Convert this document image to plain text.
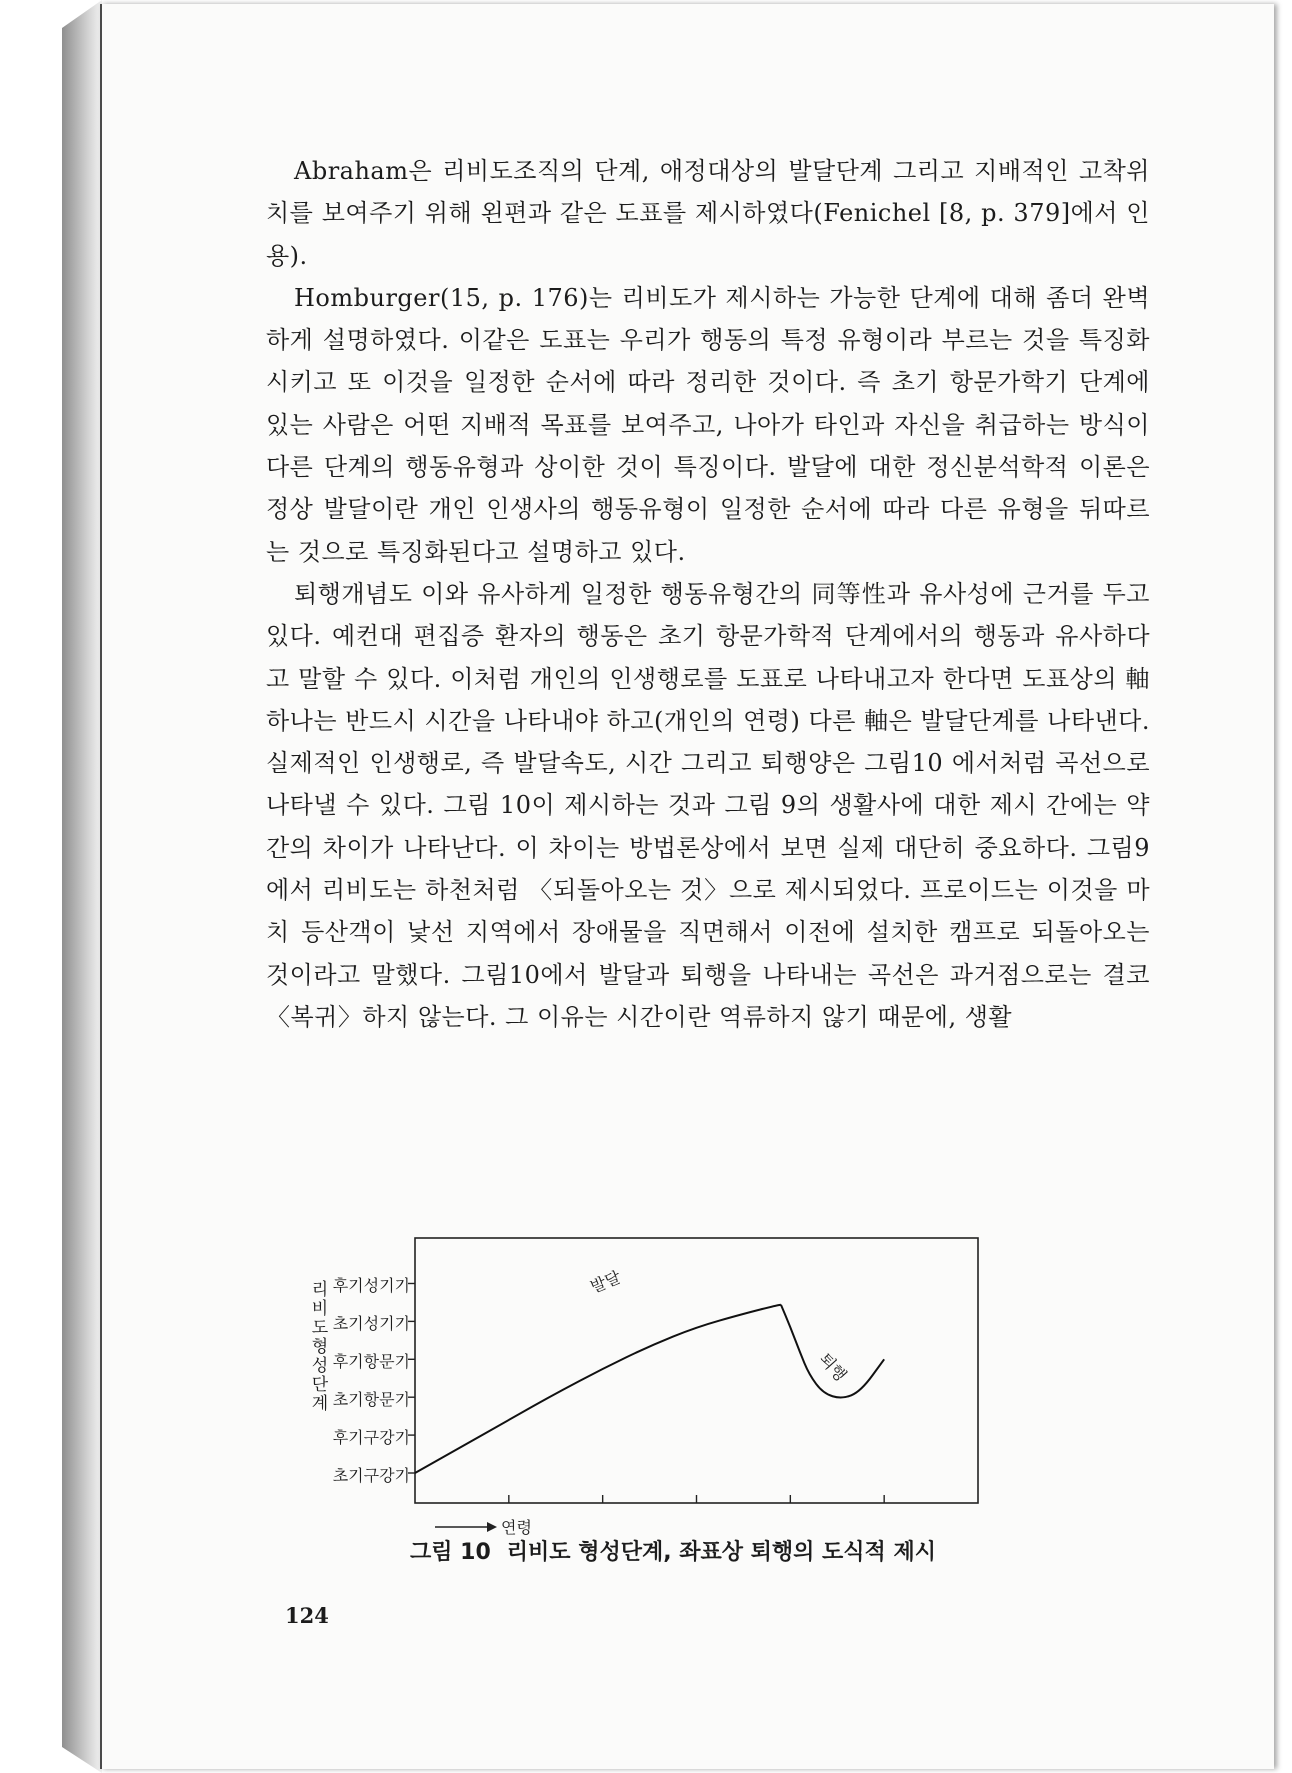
Abraham은 리비도조직의 단계, 애정대상의 발달단계 그리고 지배적인 고착위치를 보여주기 위해 왼편과 같은 도표를 제시하였다(Fenichel [8, p. 379]에서 인용).

Homburger(15, p. 176)는 리비도가 제시하는 가능한 단계에 대해 좀더 완벽하게 설명하였다. 이같은 도표는 우리가 행동의 특정 유형이라 부르는 것을 특징화시키고 또 이것을 일정한 순서에 따라 정리한 것이다. 즉 초기 항문가학기 단계에 있는 사람은 어떤 지배적 목표를 보여주고, 나아가 타인과 자신을 취급하는 방식이 다른 단계의 행동유형과 상이한 것이 특징이다. 발달에 대한 정신분석학적 이론은 정상 발달이란 개인 인생사의 행동유형이 일정한 순서에 따라 다른 유형을 뒤따르는 것으로 특징화된다고 설명하고 있다.

퇴행개념도 이와 유사하게 일정한 행동유형간의 同等性과 유사성에 근거를 두고 있다. 예컨대 편집증 환자의 행동은 초기 항문가학적 단계에서의 행동과 유사하다고 말할 수 있다. 이처럼 개인의 인생행로를 도표로 나타내고자 한다면 도표상의 軸 하나는 반드시 시간을 나타내야 하고(개인의 연령) 다른 軸은 발달단계를 나타낸다. 실제적인 인생행로, 즉 발달속도, 시간 그리고 퇴행양은 그림10 에서처럼 곡선으로 나타낼 수 있다. 그림 10이 제시하는 것과 그림 9의 생활사에 대한 제시 간에는 약간의 차이가 나타난다. 이 차이는 방법론상에서 보면 실제 대단히 중요하다. 그림9에서 리비도는 하천처럼 〈되돌아오는 것〉으로 제시되었다. 프로이드는 이것을 마치 등산객이 낯선 지역에서 장애물을 직면해서 이전에 설치한 캠프로 되돌아오는 것이라고 말했다. 그림10에서 발달과 퇴행을 나타내는 곡선은 과거점으로는 결코 〈복귀〉하지 않는다. 그 이유는 시간이란 역류하지 않기 때문에, 생활

리
비
도
형
성
단
계
초기구강기
후기구강기
초기항문기
후기항문기
초기성기기
후기성기기
연령
발달
퇴행
그림 10 리비도 형성단계, 좌표상 퇴행의 도식적 제시
124
